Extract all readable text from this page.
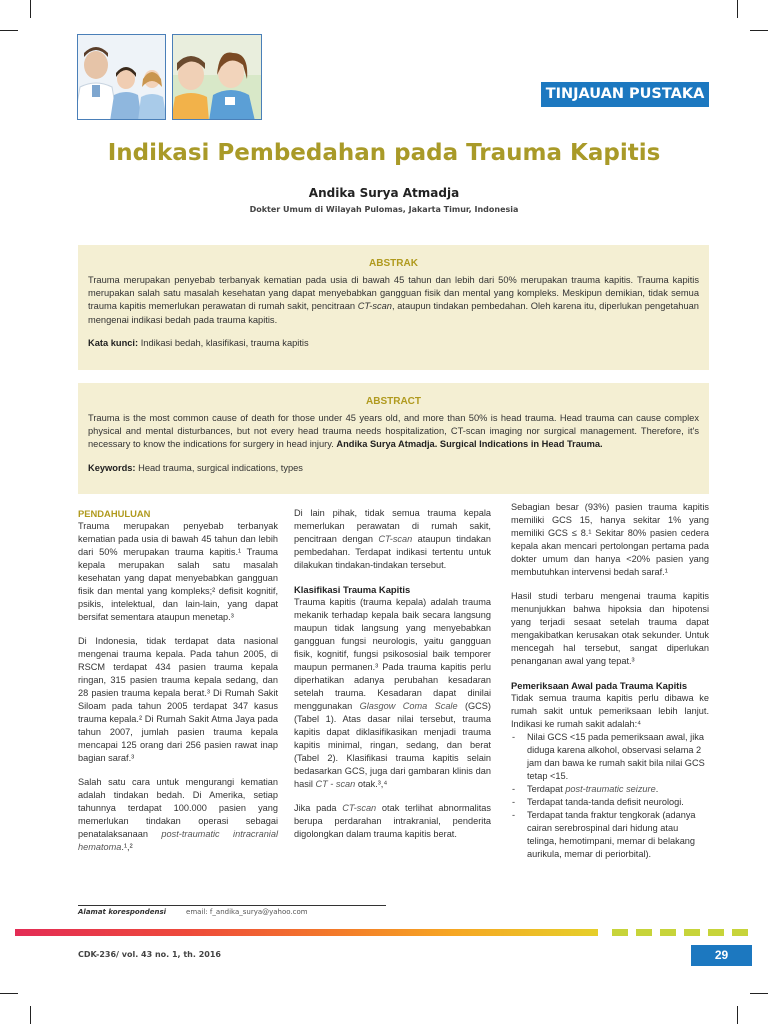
TINJAUAN PUSTAKA
Indikasi Pembedahan pada Trauma Kapitis
Andika Surya Atmadja
Dokter Umum di Wilayah Pulomas, Jakarta Timur, Indonesia
ABSTRAK

Trauma merupakan penyebab terbanyak kematian pada usia di bawah 45 tahun dan lebih dari 50% merupakan trauma kapitis. Trauma kapitis merupakan salah satu masalah kesehatan yang dapat menyebabkan gangguan fisik dan mental yang kompleks. Meskipun demikian, tidak semua trauma kapitis memerlukan perawatan di rumah sakit, pencitraan CT-scan, ataupun tindakan pembedahan. Oleh karena itu, diperlukan pengetahuan mengenai indikasi bedah pada trauma kapitis.

Kata kunci: Indikasi bedah, klasifikasi, trauma kapitis

ABSTRACT

Trauma is the most common cause of death for those under 45 years old, and more than 50% is head trauma. Head trauma can cause complex physical and mental disturbances, but not every head trauma needs hospitalization, CT-scan imaging nor surgical management. Therefore, it's necessary to know the indications for surgery in head injury. Andika Surya Atmadja. Surgical Indications in Head Trauma.

Keywords: Head trauma, surgical indications, types

PENDAHULUAN

Trauma merupakan penyebab terbanyak kematian pada usia di bawah 45 tahun dan lebih dari 50% merupakan trauma kapitis.¹ Trauma kepala merupakan salah satu masalah kesehatan yang dapat menyebabkan gangguan fisik dan mental yang kompleks;² defisit kognitif, psikis, intelektual, dan lain-lain, yang dapat bersifat sementara ataupun menetap.³

Di Indonesia, tidak terdapat data nasional mengenai trauma kepala. Pada tahun 2005, di RSCM terdapat 434 pasien trauma kepala ringan, 315 pasien trauma kepala sedang, dan 28 pasien trauma kepala berat.³ Di Rumah Sakit Siloam pada tahun 2005 terdapat 347 kasus trauma kepala.² Di Rumah Sakit Atma Jaya pada tahun 2007, jumlah pasien trauma kepala mencapai 125 orang dari 256 pasien rawat inap bagian saraf.³

Salah satu cara untuk mengurangi kematian adalah tindakan bedah. Di Amerika, setiap tahunnya terdapat 100.000 pasien yang memerlukan tindakan operasi sebagai penatalaksanaan post-traumatic intracranial hematoma.¹,²

Di lain pihak, tidak semua trauma kepala memerlukan perawatan di rumah sakit, pencitraan dengan CT-scan ataupun tindakan pembedahan. Terdapat indikasi tertentu untuk dilakukan tindakan-tindakan tersebut.

Klasifikasi Trauma Kapitis

Trauma kapitis (trauma kepala) adalah trauma mekanik terhadap kepala baik secara langsung maupun tidak langsung yang menyebabkan gangguan fungsi neurologis, yaitu gangguan fisik, kognitif, fungsi psikososial baik temporer maupun permanen.³ Pada trauma kapitis perlu diperhatikan adanya perubahan kesadaran setelah trauma. Kesadaran dapat dinilai menggunakan Glasgow Coma Scale (GCS) (Tabel 1). Atas dasar nilai tersebut, trauma kapitis dapat diklasifikasikan menjadi trauma kapitis minimal, ringan, sedang, dan berat (Tabel 2). Klasifikasi trauma kapitis selain bedasarkan GCS, juga dari gambaran klinis dan hasil CT - scan otak.³,⁴

Jika pada CT-scan otak terlihat abnormalitas berupa perdarahan intrakranial, penderita digolongkan dalam trauma kapitis berat.

Sebagian besar (93%) pasien trauma kapitis memiliki GCS 15, hanya sekitar 1% yang memiliki GCS ≤ 8.¹ Sekitar 80% pasien cedera kepala akan mencari pertolongan pertama pada dokter umum dan hanya <20% pasien yang membutuhkan intervensi bedah saraf.¹

Hasil studi terbaru mengenai trauma kapitis menunjukkan bahwa hipoksia dan hipotensi yang terjadi sesaat setelah trauma dapat mengakibatkan kerusakan otak sekunder. Untuk mencegah hal tersebut, sangat diperlukan penanganan awal yang tepat.³

Pemeriksaan Awal pada Trauma Kapitis

Tidak semua trauma kapitis perlu dibawa ke rumah sakit untuk pemeriksaan lebih lanjut. Indikasi ke rumah sakit adalah:⁴

- Nilai GCS <15 pada pemeriksaan awal, jika diduga karena alkohol, observasi selama 2 jam dan bawa ke rumah sakit bila nilai GCS tetap <15.
- Terdapat post-traumatic seizure.
- Terdapat tanda-tanda defisit neurologi.
- Terdapat tanda fraktur tengkorak (adanya cairan serebrospinal dari hidung atau telinga, hemotimpani, memar di belakang aurikula, memar di periorbital).
Alamat korespondensi	email: f_andika_surya@yahoo.com
CDK-236/ vol. 43 no. 1, th. 2016	29
